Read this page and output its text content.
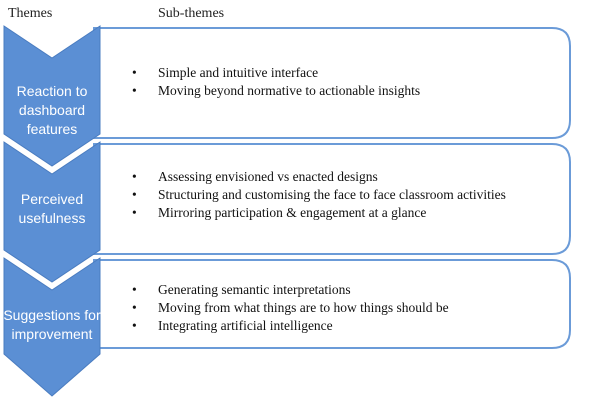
Themes	Sub-themes
Reaction to dashboard features
Perceived usefulness
Suggestions for improvement
• Simple and intuitive interface
• Moving beyond normative to actionable insights
• Assessing envisioned vs enacted designs
• Structuring and customising the face to face classroom activities
• Mirroring participation & engagement at a glance
• Generating semantic interpretations
• Moving from what things are to how things should be
• Integrating artificial intelligence
